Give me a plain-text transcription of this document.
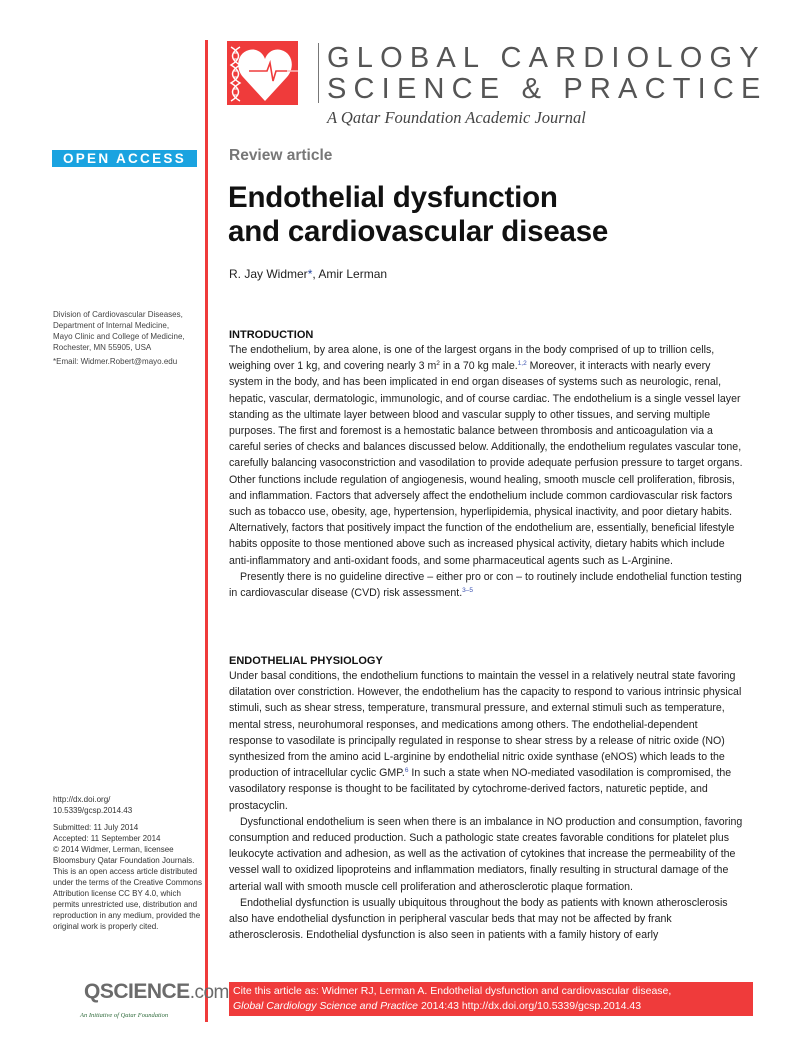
GLOBAL CARDIOLOGY
SCIENCE & PRACTICE
A Qatar Foundation Academic Journal
OPEN ACCESS
Division of Cardiovascular Diseases,
Department of Internal Medicine,
Mayo Clinic and College of Medicine,
Rochester, MN 55905, USA
*Email: Widmer.Robert@mayo.edu
http://dx.doi.org/
10.5339/gcsp.2014.43
Submitted: 11 July 2014
Accepted: 11 September 2014
© 2014 Widmer, Lerman, licensee Bloomsbury Qatar Foundation Journals. This is an open access article distributed under the terms of the Creative Commons Attribution license CC BY 4.0, which permits unrestricted use, distribution and reproduction in any medium, provided the original work is properly cited.
QSCIENCE.com
An Initiative of Qatar Foundation
Review article
Endothelial dysfunction
and cardiovascular disease
R. Jay Widmer*, Amir Lerman
INTRODUCTION

The endothelium, by area alone, is one of the largest organs in the body comprised of up to trillion cells, weighing over 1 kg, and covering nearly 3 $m^2$ in a 70 kg male.$^{1,2}$ Moreover, it interacts with nearly every system in the body, and has been implicated in end organ diseases of systems such as neurologic, renal, hepatic, vascular, dermatologic, immunologic, and of course cardiac. The endothelium is a single vessel layer standing as the ultimate layer between blood and vascular supply to other tissues, and serving multiple purposes. The first and foremost is a hemostatic balance between thrombosis and anticoagulation via a careful series of checks and balances discussed below. Additionally, the endothelium regulates vascular tone, carefully balancing vasoconstriction and vasodilation to provide adequate perfusion pressure to target organs. Other functions include regulation of angiogenesis, wound healing, smooth muscle cell proliferation, fibrosis, and inflammation. Factors that adversely affect the endothelium include common cardiovascular risk factors such as tobacco use, obesity, age, hypertension, hyperlipidemia, physical inactivity, and poor dietary habits. Alternatively, factors that positively impact the function of the endothelium are, essentially, beneficial lifestyle habits opposite to those mentioned above such as increased physical activity, dietary habits which include anti-inflammatory and anti-oxidant foods, and some pharmaceutical agents such as L-Arginine.

Presently there is no guideline directive – either pro or con – to routinely include endothelial function testing in cardiovascular disease (CVD) risk assessment.$^{3-5}$

ENDOTHELIAL PHYSIOLOGY

Under basal conditions, the endothelium functions to maintain the vessel in a relatively neutral state favoring dilatation over constriction. However, the endothelium has the capacity to respond to various intrinsic physical stimuli, such as shear stress, temperature, transmural pressure, and external stimuli such as temperature, mental stress, neurohumoral responses, and medications among others. The endothelial-dependent response to vasodilate is principally regulated in response to shear stress by a release of nitric oxide (NO) synthesized from the amino acid L-arginine by endothelial nitric oxide synthase (eNOS) which leads to the production of intracellular cyclic GMP.$^6$ In such a state when NO-mediated vasodilation is compromised, the vasodilatory response is thought to be facilitated by cytochrome-derived factors, naturetic peptide, and prostacyclin.

Dysfunctional endothelium is seen when there is an imbalance in NO production and consumption, favoring consumption and reduced production. Such a pathologic state creates favorable conditions for platelet plus leukocyte activation and adhesion, as well as the activation of cytokines that increase the permeability of the vessel wall to oxidized lipoproteins and inflammation mediators, finally resulting in structural damage of the arterial wall with smooth muscle cell proliferation and atherosclerotic plaque formation.

Endothelial dysfunction is usually ubiquitous throughout the body as patients with known atherosclerosis also have endothelial dysfunction in peripheral vascular beds that may not be affected by frank atherosclerosis. Endothelial dysfunction is also seen in patients with a family history of early

Cite this article as: Widmer RJ, Lerman A. Endothelial dysfunction and cardiovascular disease,
Global Cardiology Science and Practice 2014:43 http://dx.doi.org/10.5339/gcsp.2014.43
